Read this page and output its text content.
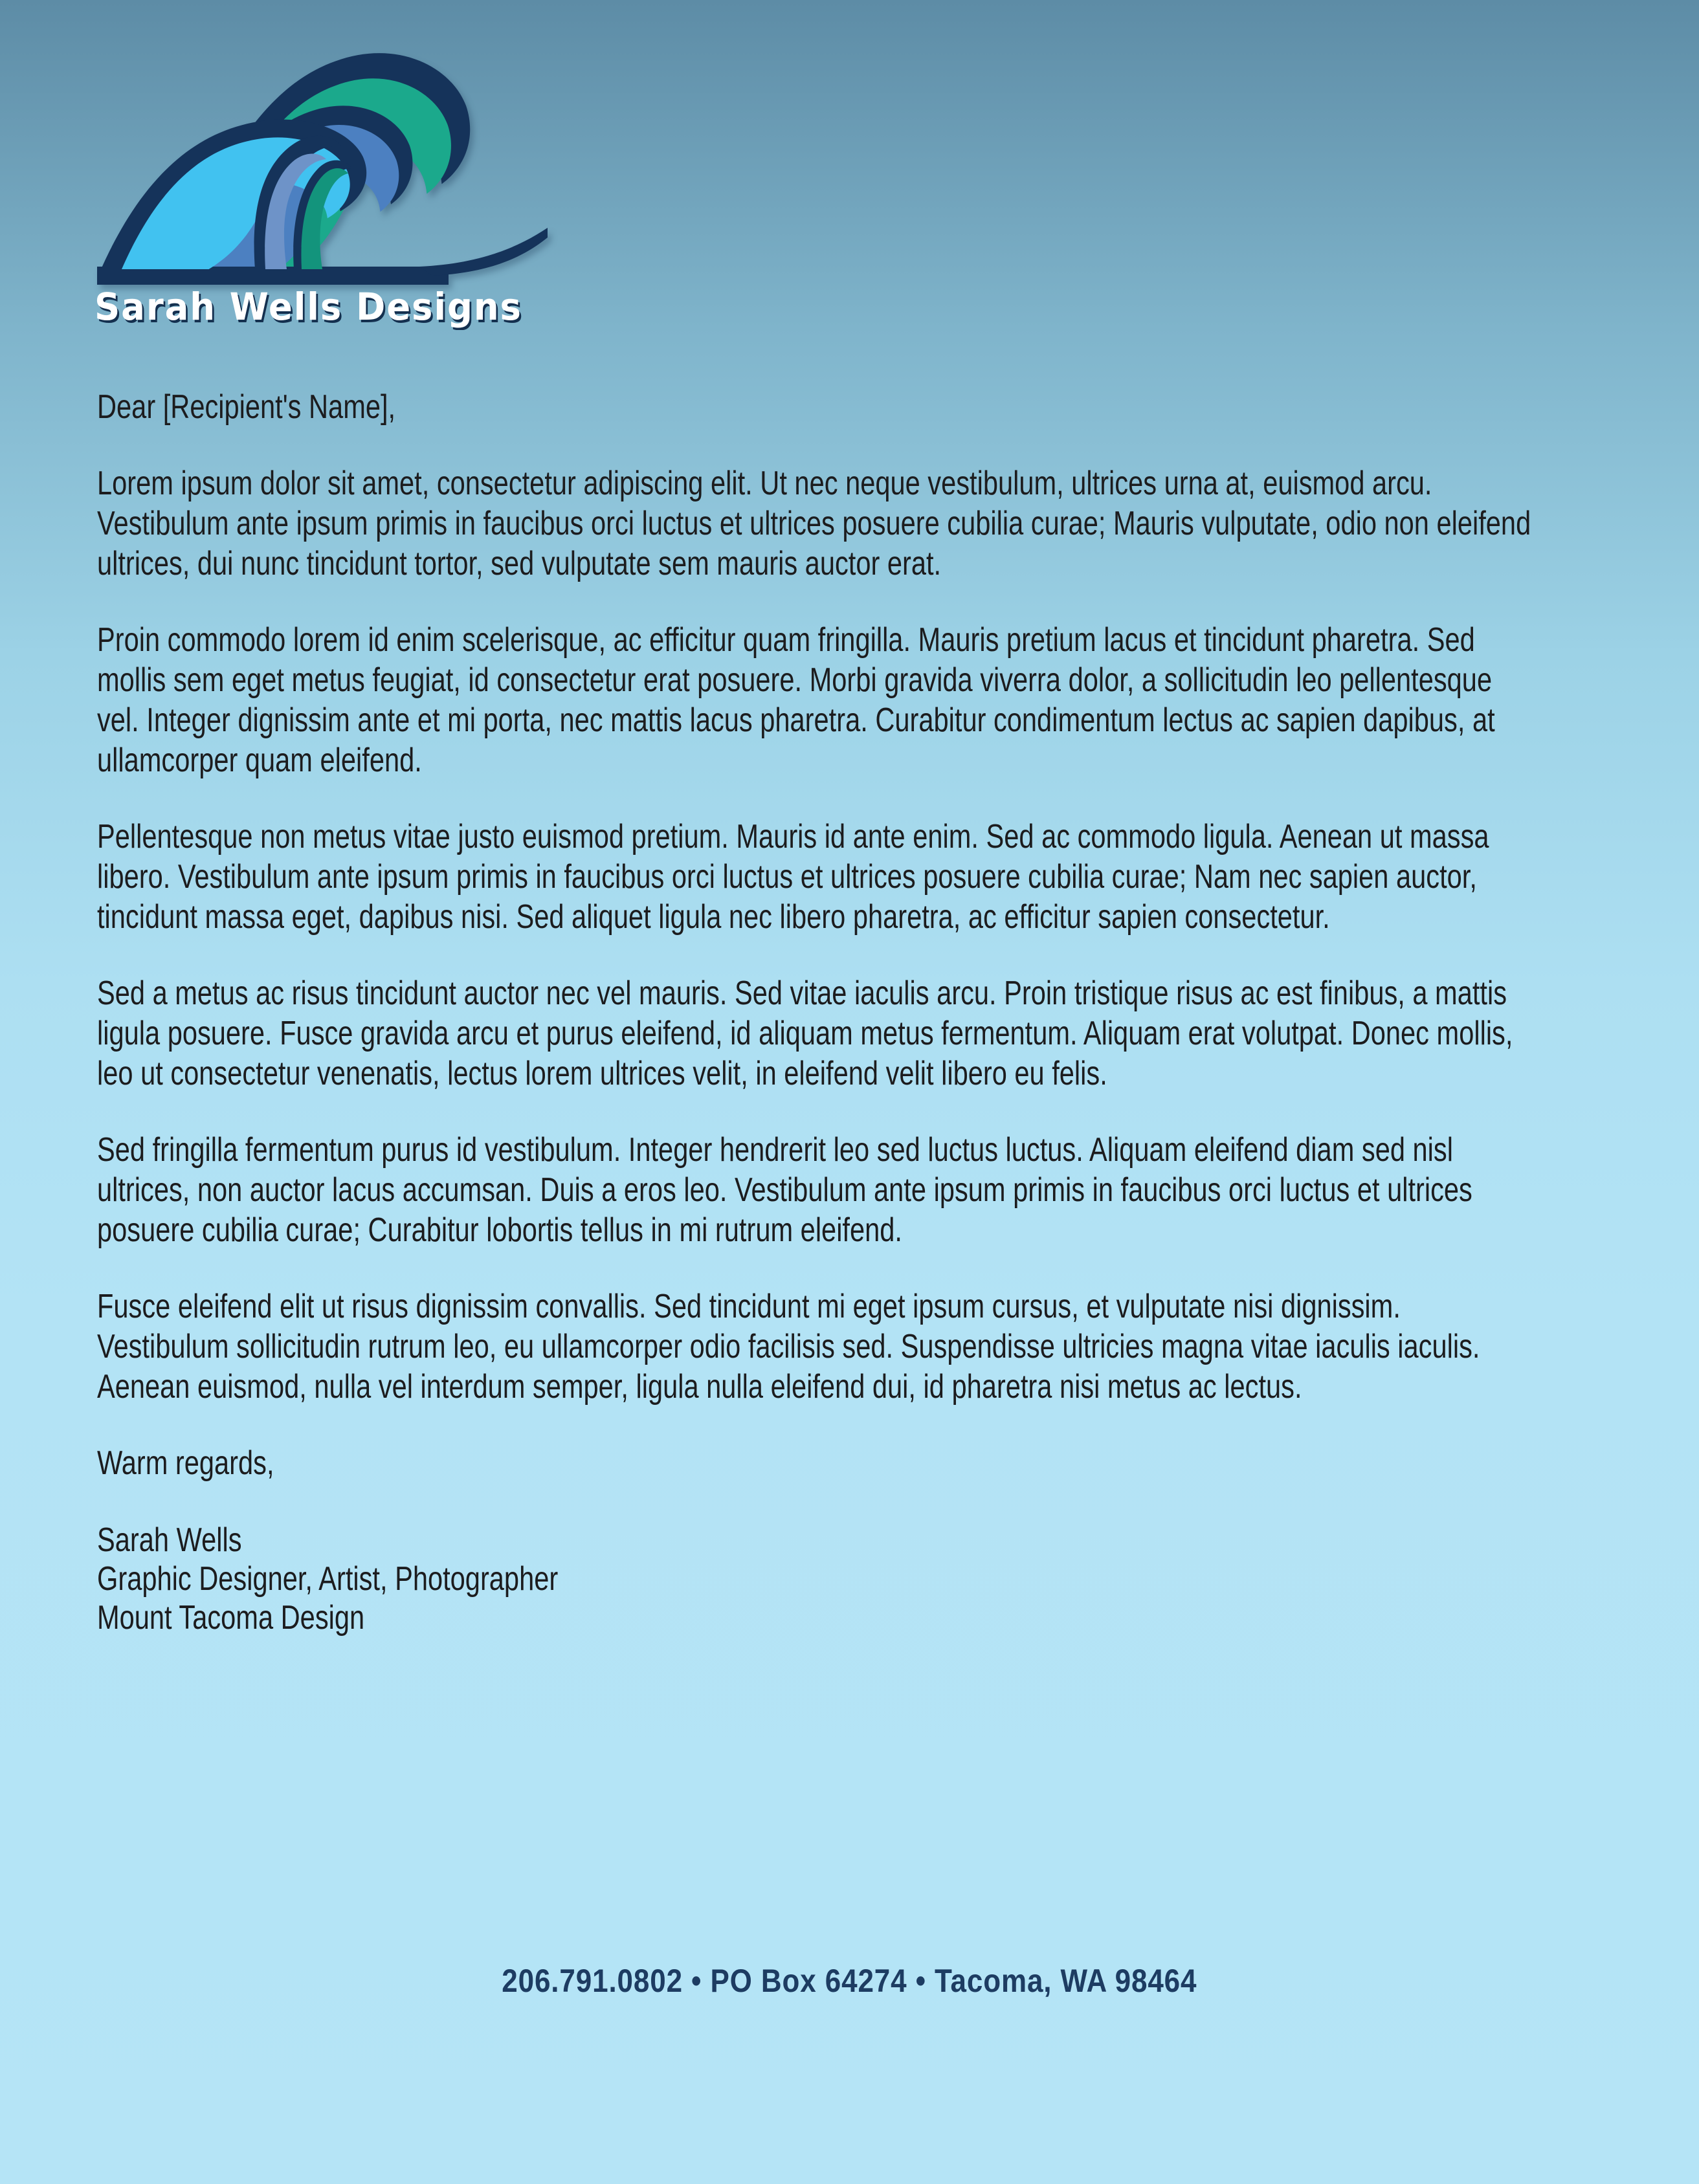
Sarah Wells Designs
Dear [Recipient's Name],
Lorem ipsum dolor sit amet, consectetur adipiscing elit. Ut nec neque vestibulum, ultrices urna at, euismod arcu. Vestibulum ante ipsum primis in faucibus orci luctus et ultrices posuere cubilia curae; Mauris vulputate, odio non eleifend ultrices, dui nunc tincidunt tortor, sed vulputate sem mauris auctor erat.
Proin commodo lorem id enim scelerisque, ac efficitur quam fringilla. Mauris pretium lacus et tincidunt pharetra. Sed mollis sem eget metus feugiat, id consectetur erat posuere. Morbi gravida viverra dolor, a sollicitudin leo pellentesque vel. Integer dignissim ante et mi porta, nec mattis lacus pharetra. Curabitur condimentum lectus ac sapien dapibus, at ullamcorper quam eleifend.
Pellentesque non metus vitae justo euismod pretium. Mauris id ante enim. Sed ac commodo ligula. Aenean ut massa libero. Vestibulum ante ipsum primis in faucibus orci luctus et ultrices posuere cubilia curae; Nam nec sapien auctor, tincidunt massa eget, dapibus nisi. Sed aliquet ligula nec libero pharetra, ac efficitur sapien consectetur.
Sed a metus ac risus tincidunt auctor nec vel mauris. Sed vitae iaculis arcu. Proin tristique risus ac est finibus, a mattis ligula posuere. Fusce gravida arcu et purus eleifend, id aliquam metus fermentum. Aliquam erat volutpat. Donec mollis, leo ut consectetur venenatis, lectus lorem ultrices velit, in eleifend velit libero eu felis.
Sed fringilla fermentum purus id vestibulum. Integer hendrerit leo sed luctus luctus. Aliquam eleifend diam sed nisl ultrices, non auctor lacus accumsan. Duis a eros leo. Vestibulum ante ipsum primis in faucibus orci luctus et ultrices posuere cubilia curae; Curabitur lobortis tellus in mi rutrum eleifend.
Fusce eleifend elit ut risus dignissim convallis. Sed tincidunt mi eget ipsum cursus, et vulputate nisi dignissim. Vestibulum sollicitudin rutrum leo, eu ullamcorper odio facilisis sed. Suspendisse ultricies magna vitae iaculis iaculis. Aenean euismod, nulla vel interdum semper, ligula nulla eleifend dui, id pharetra nisi metus ac lectus.
Warm regards,
Sarah Wells
Graphic Designer, Artist, Photographer
Mount Tacoma Design
206.791.0802 • PO Box 64274 • Tacoma, WA 98464
